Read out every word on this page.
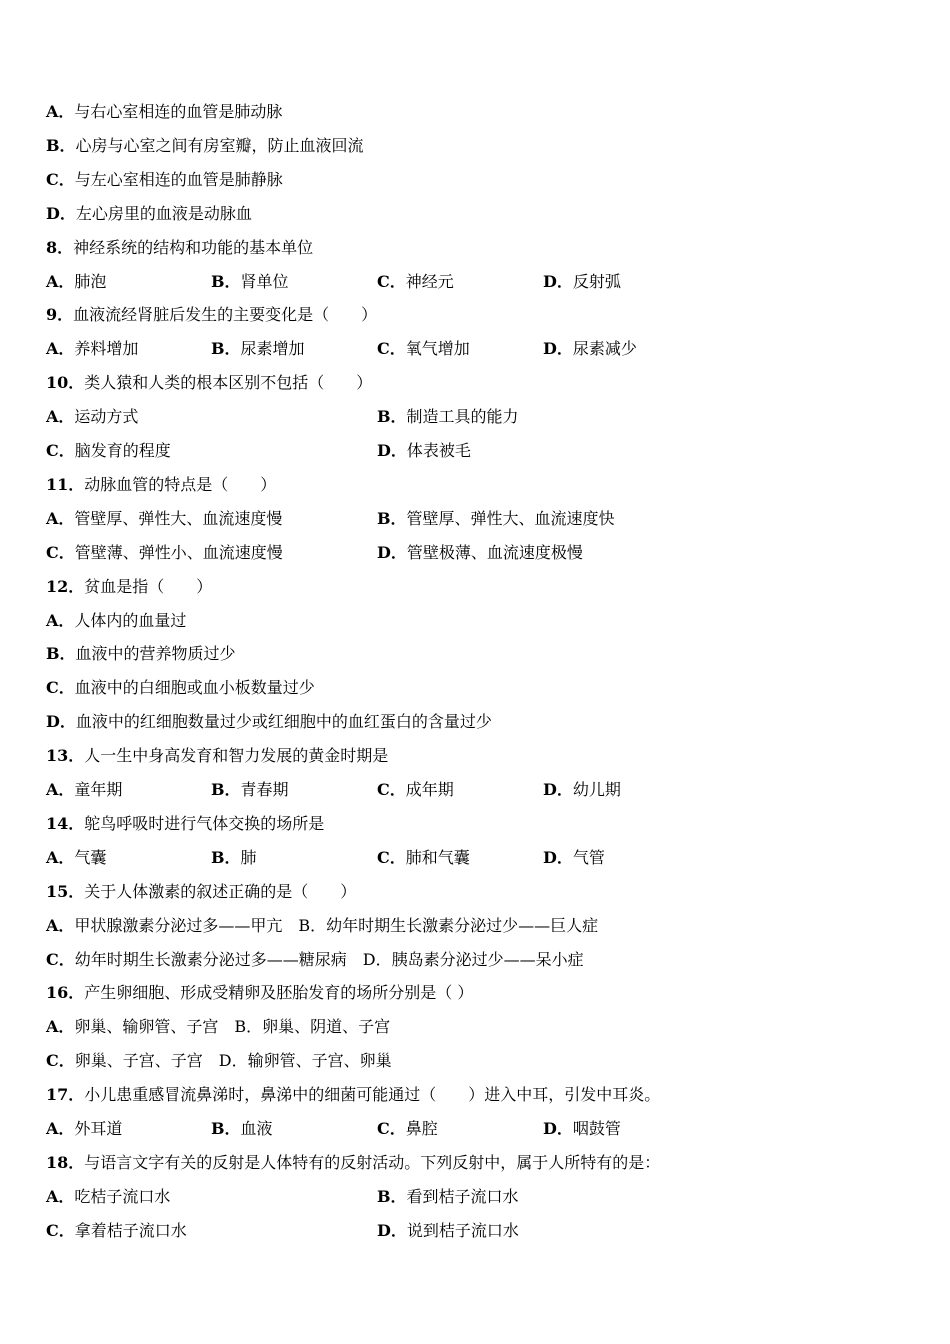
A．与右心室相连的血管是肺动脉
B．心房与心室之间有房室瓣，防止血液回流
C．与左心室相连的血管是肺静脉
D．左心房里的血液是动脉血
8．神经系统的结构和功能的基本单位
A．肺泡	B．肾单位	C．神经元	D．反射弧
9．血液流经肾脏后发生的主要变化是（　　）
A．养料增加	B．尿素增加	C．氧气增加	D．尿素减少
10．类人猿和人类的根本区别不包括（　　）
A．运动方式	B．制造工具的能力
C．脑发育的程度	D．体表被毛
11．动脉血管的特点是（　　）
A．管壁厚、弹性大、血流速度慢	B．管壁厚、弹性大、血流速度快
C．管壁薄、弹性小、血流速度慢	D．管壁极薄、血流速度极慢
12．贫血是指（　　）
A．人体内的血量过
B．血液中的营养物质过少
C．血液中的白细胞或血小板数量过少
D．血液中的红细胞数量过少或红细胞中的血红蛋白的含量过少
13．人一生中身高发育和智力发展的黄金时期是
A．童年期	B．青春期	C．成年期	D．幼儿期
14．鸵鸟呼吸时进行气体交换的场所是
A．气囊	B．肺	C．肺和气囊	D．气管
15．关于人体激素的叙述正确的是（　　）
A．甲状腺激素分泌过多——甲亢　B．幼年时期生长激素分泌过少——巨人症
C．幼年时期生长激素分泌过多——糖尿病　D．胰岛素分泌过少——呆小症
16．产生卵细胞、形成受精卵及胚胎发育的场所分别是（ ）
A．卵巢、输卵管、子宫　B．卵巢、阴道、子宫
C．卵巢、子宫、子宫　D．输卵管、子宫、卵巢
17．小儿患重感冒流鼻涕时，鼻涕中的细菌可能通过（　　）进入中耳，引发中耳炎。
A．外耳道	B．血液	C．鼻腔	D．咽鼓管
18．与语言文字有关的反射是人体特有的反射活动。下列反射中，属于人所特有的是：
A．吃桔子流口水	B．看到桔子流口水
C．拿着桔子流口水	D．说到桔子流口水
